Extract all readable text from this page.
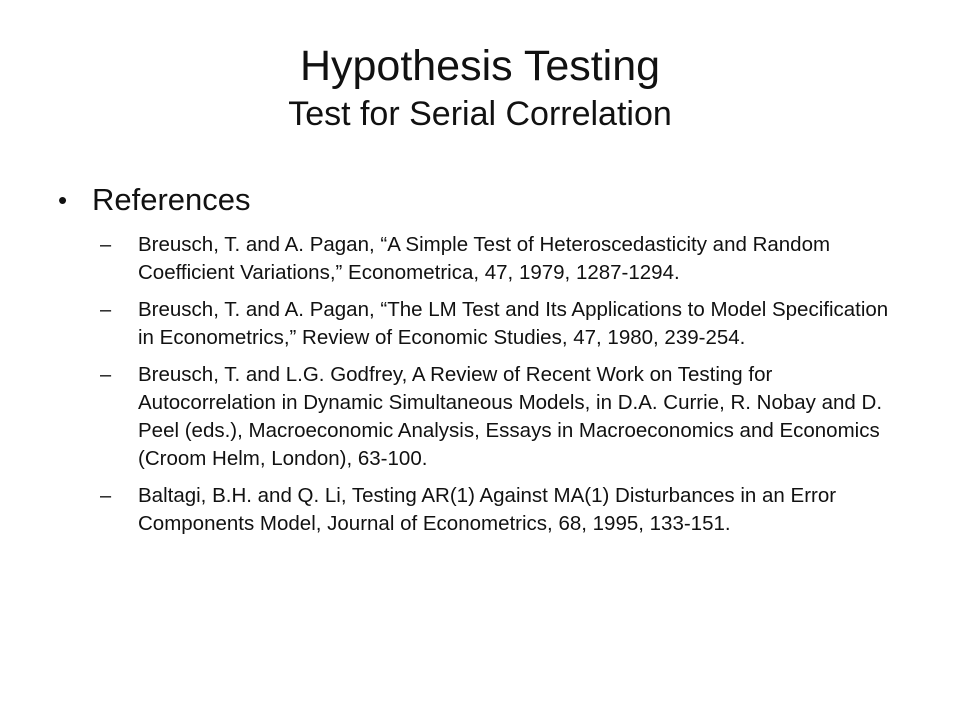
Hypothesis Testing
Test for Serial Correlation
• References
–	Breusch, T. and A. Pagan, “A Simple Test of Heteroscedasticity and Random Coefficient Variations,” Econometrica, 47, 1979, 1287-1294.
–	Breusch, T. and A. Pagan, “The LM Test and Its Applications to Model Specification in Econometrics,” Review of Economic Studies, 47, 1980, 239-254.
–	Breusch, T. and L.G. Godfrey, A Review of Recent Work on Testing for Autocorrelation in Dynamic Simultaneous Models, in D.A. Currie, R. Nobay and D. Peel (eds.), Macroeconomic Analysis, Essays in Macroeconomics and Economics (Croom Helm, London), 63-100.
–	Baltagi, B.H. and Q. Li, Testing AR(1) Against MA(1) Disturbances in an Error Components Model, Journal of Econometrics, 68, 1995, 133-151.
